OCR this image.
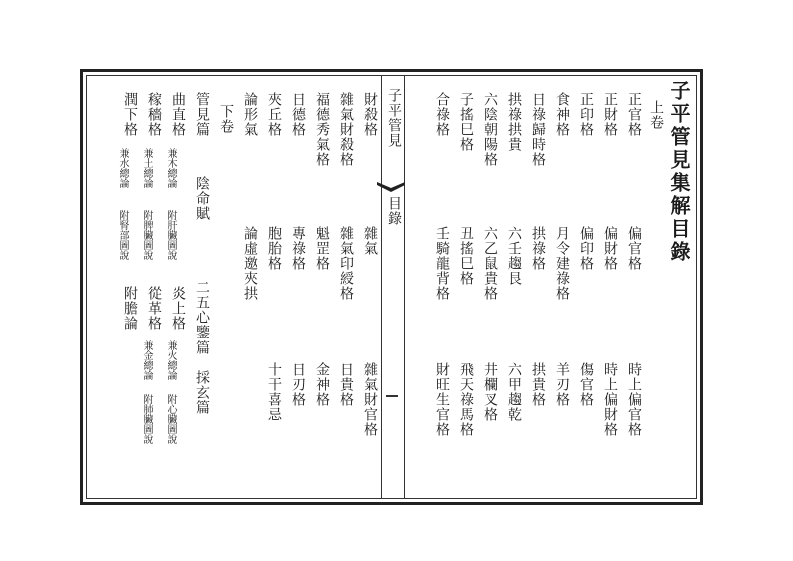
子平管見集解目錄
上卷
正官格
偏官格
時上偏官格
正財格
偏財格
時上偏財格
正印格
偏印格
傷官格
食神格
月令建祿格
羊刃格
日祿歸時格
拱祿格
拱貴格
拱祿拱貴
六壬趨艮
六甲趨乾
六陰朝陽格
六乙鼠貴格
井欄叉格
子搖巳格
丑搖巳格
飛天祿馬格
合祿格
壬騎龍背格
財旺生官格
子平管見
目錄
財殺格
雜氣
雜氣財官格
雜氣財殺格
雜氣印綬格
日貴格
福德秀氣格
魁罡格
金神格
日德格
專祿格
日刃格
夾丘格
胞胎格
十干喜忌
論形氣
論虛邀夾拱
下卷
管見篇
陰命賦
二五心鑒篇　採玄篇
曲直格
兼木總論
附肝臟圖說
炎上格
兼火總論
附心臟圖說
稼穡格
兼土總論
附脾臟圖說
從革格
兼金總論
附肺臟圖說
潤下格
兼水總論
附腎部圖說
附膽論
